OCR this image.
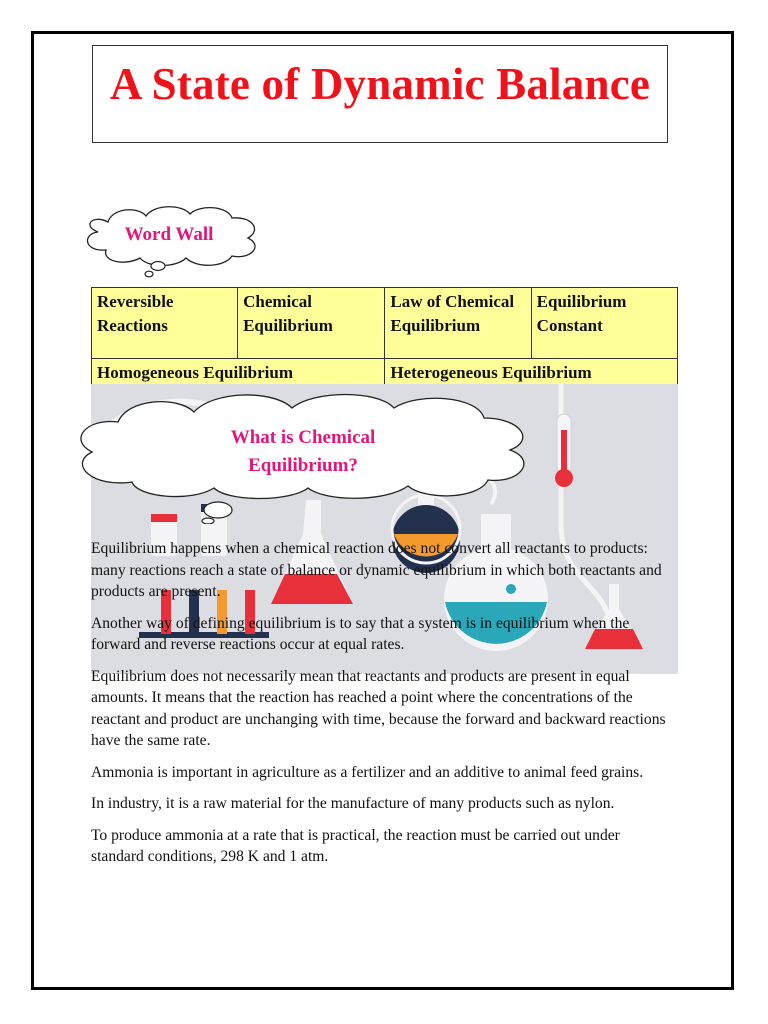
A State of Dynamic Balance
Word Wall
Reversible Reactions	Chemical Equilibrium	Law of Chemical Equilibrium	Equilibrium Constant
Homogeneous Equilibrium		Heterogeneous Equilibrium	
What is Chemical
Equilibrium?

Equilibrium happens when a chemical reaction does not convert all reactants to products: many reactions reach a state of balance or dynamic equilibrium in which both reactants and products are present.

Another way of defining equilibrium is to say that a system is in equilibrium when the forward and reverse reactions occur at equal rates.

Equilibrium does not necessarily mean that reactants and products are present in equal amounts. It means that the reaction has reached a point where the concentrations of the reactant and product are unchanging with time, because the forward and backward reactions have the same rate.

Ammonia is important in agriculture as a fertilizer and an additive to animal feed grains.

In industry, it is a raw material for the manufacture of many products such as nylon.

To produce ammonia at a rate that is practical, the reaction must be carried out under standard conditions, 298 K and 1 atm.
